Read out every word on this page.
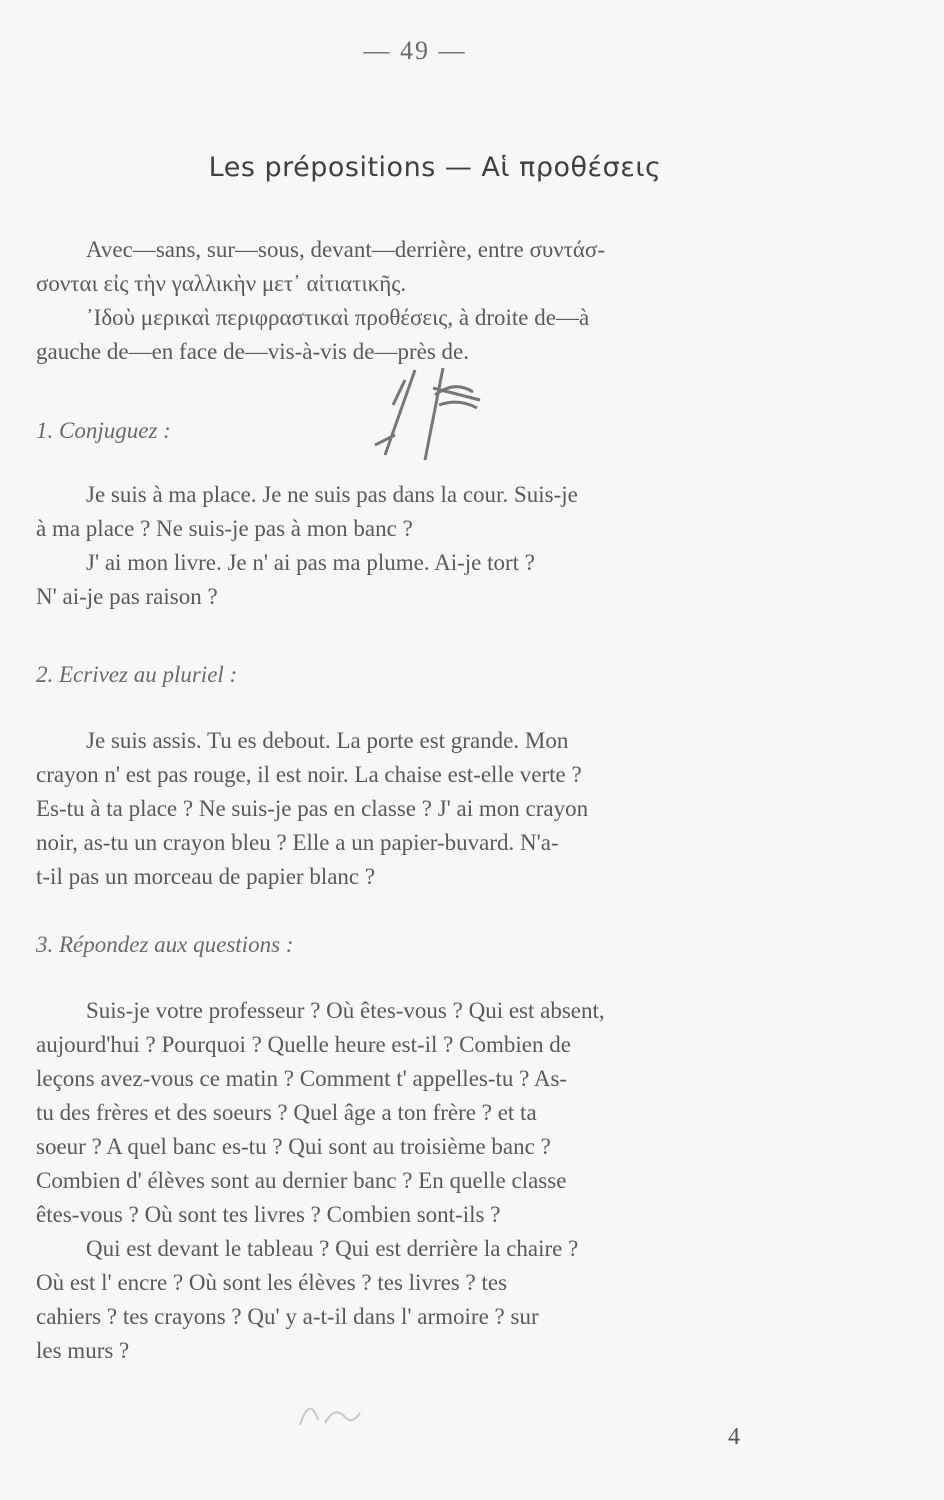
— 49 —
Les prépositions — Αἱ προθέσεις
Avec—sans, sur—sous, devant—derrière, entre συντάσ-
σονται εἰς τὴν γαλλικὴν μετ᾽ αἰτιατικῆς.
᾿Ιδοὺ μερικαὶ περιφραστικαὶ προθέσεις, à droite de—à
gauche de—en face de—vis-à-vis de—près de.
1. Conjuguez :
Je suis à ma place. Je ne suis pas dans la cour. Suis-je
à ma place ? Ne suis-je pas à mon banc ?
J' ai mon livre. Je n' ai pas ma plume. Ai-je tort ?
N' ai-je pas raison ?
2. Ecrivez au pluriel :
Je suis assis. Tu es debout. La porte est grande. Mon
crayon n' est pas rouge, il est noir. La chaise est-elle verte ?
Es-tu à ta place ? Ne suis-je pas en classe ? J' ai mon crayon
noir, as-tu un crayon bleu ? Elle a un papier-buvard. N'a-
t-il pas un morceau de papier blanc ?
3. Répondez aux questions :
Suis-je votre professeur ? Où êtes-vous ? Qui est absent,
aujourd'hui ? Pourquoi ? Quelle heure est-il ? Combien de
leçons avez-vous ce matin ? Comment t' appelles-tu ? As-
tu des frères et des soeurs ? Quel âge a ton frère ? et ta
soeur ? A quel banc es-tu ? Qui sont au troisième banc ?
Combien d' élèves sont au dernier banc ? En quelle classe
êtes-vous ? Où sont tes livres ? Combien sont-ils ?
Qui est devant le tableau ? Qui est derrière la chaire ?
Où est l' encre ? Où sont les élèves ? tes livres ? tes
cahiers ? tes crayons ? Qu' y a-t-il dans l' armoire ? sur
les murs ?
4
